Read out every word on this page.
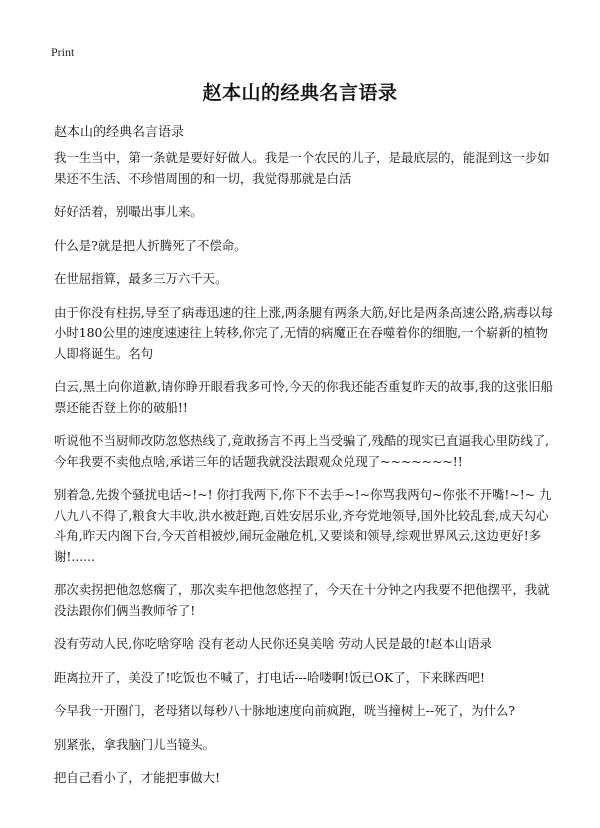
Print
赵本山的经典名言语录
赵本山的经典名言语录

我一生当中，第一条就是要好好做人。我是一个农民的儿子，是最底层的，能混到这一步如果还不生活、不珍惜周围的和一切，我觉得那就是白活

好好活着，别嘬出事儿来。

什么是?就是把人折腾死了不偿命。

在世屈指算，最多三万六千天。

由于你没有柱拐,导至了病毒迅速的往上涨,两条腿有两条大筋,好比是两条高速公路,病毒以每小时180公里的速度速速往上转移,你完了,无情的病魔正在吞噬着你的细胞,一个崭新的植物人即将诞生。名句

白云,黑土向你道歉,请你睁开眼看我多可怜,今天的你我还能否重复昨天的故事,我的这张旧船票还能否登上你的破船!!

听说他不当厨师改防忽悠热线了,竟敢扬言不再上当受骗了,残酷的现实已直逼我心里防线了,今年我要不卖他点啥,承诺三年的话题我就没法跟观众兑现了~~~~~~~!!

别着急,先拨个骚扰电话~!~! 你打我两下,你下不去手~!~你骂我两句~你张不开嘴!~!~ 九八九八不得了,粮食大丰收,洪水被赶跑,百姓安居乐业,齐夸党地领导,国外比较乱套,成天勾心斗角,昨天内阁下台,今天首相被炒,闹玩金融危机,又要谈和领导,综观世界风云,这边更好!多谢!......

那次卖拐把他忽悠瘸了，那次卖车把他忽悠捏了，今天在十分钟之内我要不把他摆平，我就没法跟你们俩当教师爷了!

没有劳动人民,你吃啥穿啥 没有老动人民你还臭美啥 劳动人民是最的!赵本山语录

距离拉开了，美没了!吃饭也不喊了，打电话---哈喽啊!饭已OK了，下来眯西吧!

今早我一开圈门，老母猪以每秒八十脉地速度向前疯跑，咣当撞树上--死了，为什么?

别紧张，拿我脑门儿当镜头。

把自己看小了，才能把事做大!
